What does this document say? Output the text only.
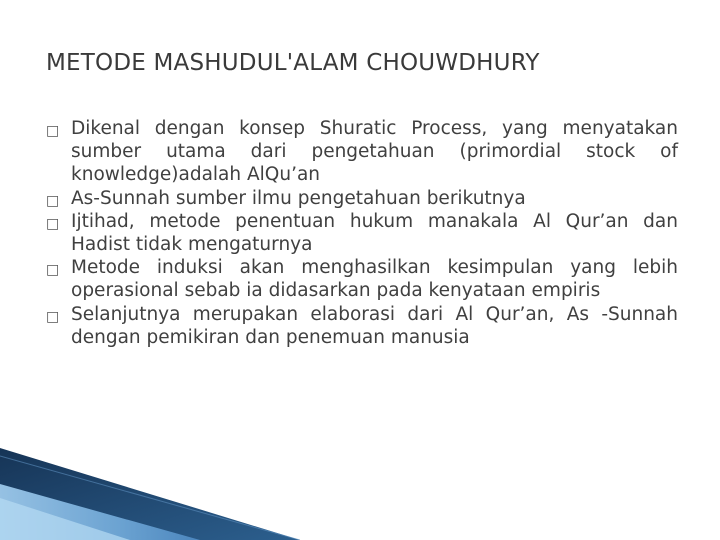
METODE MASHUDUL'ALAM CHOUWDHURY
□ Dikenal dengan konsep Shuratic Process, yang menyatakan sumber utama dari pengetahuan (primordial stock of knowledge)adalah AlQu’an
□ As-Sunnah sumber ilmu pengetahuan berikutnya
□ Ijtihad, metode penentuan hukum manakala Al Qur’an dan Hadist tidak mengaturnya
□ Metode induksi akan menghasilkan kesimpulan yang lebih operasional sebab ia didasarkan pada kenyataan empiris
□ Selanjutnya merupakan elaborasi dari Al Qur’an, As -Sunnah dengan pemikiran dan penemuan manusia
